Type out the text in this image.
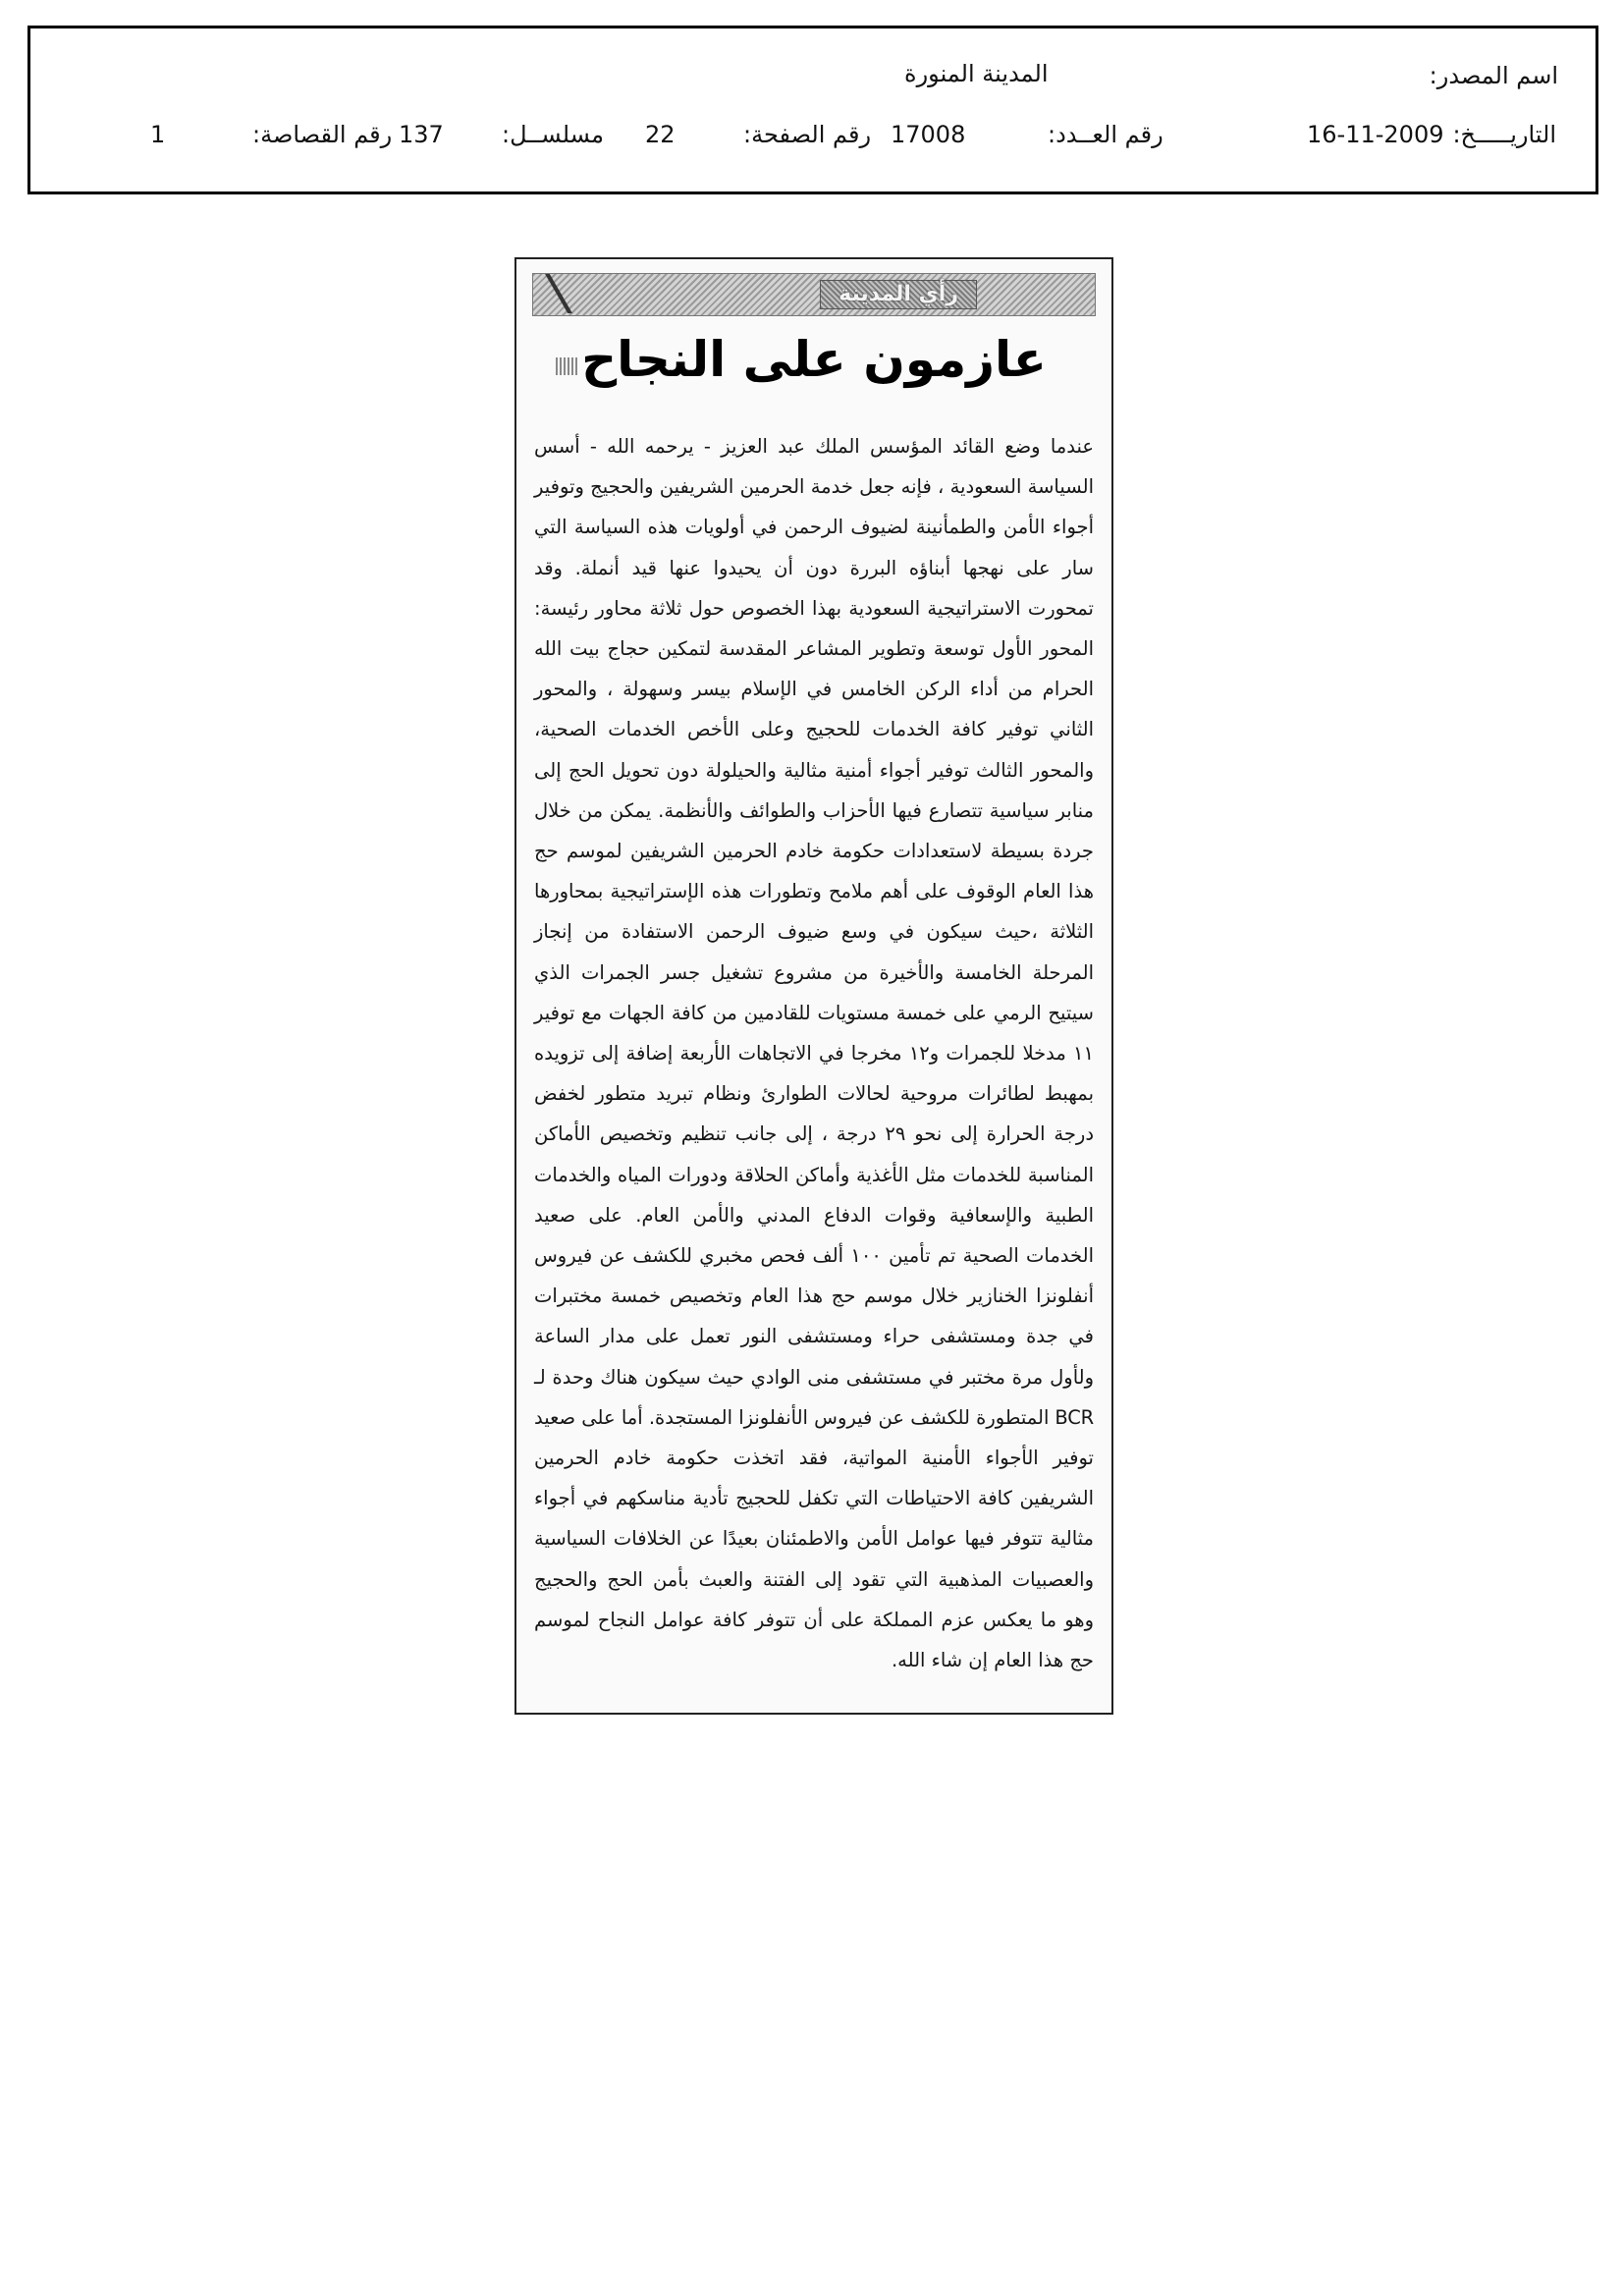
اسم المصدر:
المدينة المنورة
التاريـــــخ:
16-11-2009
رقم العــدد:
17008
رقم الصفحة:
22
مسلســل:
137
رقم القصاصة:
1
رأي المدينة
عازمون على النجاح
عندما وضع القائد المؤسس الملك عبد العزيز - يرحمه الله - أسس السياسة السعودية ، فإنه جعل خدمة الحرمين الشريفين والحجيج وتوفير أجواء الأمن والطمأنينة لضيوف الرحمن في أولويات هذه السياسة التي سار على نهجها أبناؤه البررة دون أن يحيدوا عنها قيد أنملة. وقد تمحورت الاستراتيجية السعودية بهذا الخصوص حول ثلاثة محاور رئيسة: المحور الأول توسعة وتطوير المشاعر المقدسة لتمكين حجاج بيت الله الحرام من أداء الركن الخامس في الإسلام بيسر وسهولة ، والمحور الثاني توفير كافة الخدمات للحجيج وعلى الأخص الخدمات الصحية، والمحور الثالث توفير أجواء أمنية مثالية والحيلولة دون تحويل الحج إلى منابر سياسية تتصارع فيها الأحزاب والطوائف والأنظمة. يمكن من خلال جردة بسيطة لاستعدادات حكومة خادم الحرمين الشريفين لموسم حج هذا العام الوقوف على أهم ملامح وتطورات هذه الإستراتيجية بمحاورها الثلاثة ،حيث سيكون في وسع ضيوف الرحمن الاستفادة من إنجاز المرحلة الخامسة والأخيرة من مشروع تشغيل جسر الجمرات الذي سيتيح الرمي على خمسة مستويات للقادمين من كافة الجهات مع توفير ١١ مدخلا للجمرات و١٢ مخرجا في الاتجاهات الأربعة إضافة إلى تزويده بمهبط لطائرات مروحية لحالات الطوارئ ونظام تبريد متطور لخفض درجة الحرارة إلى نحو ٢٩ درجة ، إلى جانب تنظيم وتخصيص الأماكن المناسبة للخدمات مثل الأغذية وأماكن الحلاقة ودورات المياه والخدمات الطبية والإسعافية وقوات الدفاع المدني والأمن العام. على صعيد الخدمات الصحية تم تأمين ١٠٠ ألف فحص مخبري للكشف عن فيروس أنفلونزا الخنازير خلال موسم حج هذا العام وتخصيص خمسة مختبرات في جدة ومستشفى حراء ومستشفى النور تعمل على مدار الساعة ولأول مرة مختبر في مستشفى منى الوادي حيث سيكون هناك وحدة لـ BCR المتطورة للكشف عن فيروس الأنفلونزا المستجدة. أما على صعيد توفير الأجواء الأمنية المواتية، فقد اتخذت حكومة خادم الحرمين الشريفين كافة الاحتياطات التي تكفل للحجيج تأدية مناسكهم في أجواء مثالية تتوفر فيها عوامل الأمن والاطمئنان بعيدًا عن الخلافات السياسية والعصبيات المذهبية التي تقود إلى الفتنة والعبث بأمن الحج والحجيج وهو ما يعكس عزم المملكة على أن تتوفر كافة عوامل النجاح لموسم حج هذا العام إن شاء الله.
